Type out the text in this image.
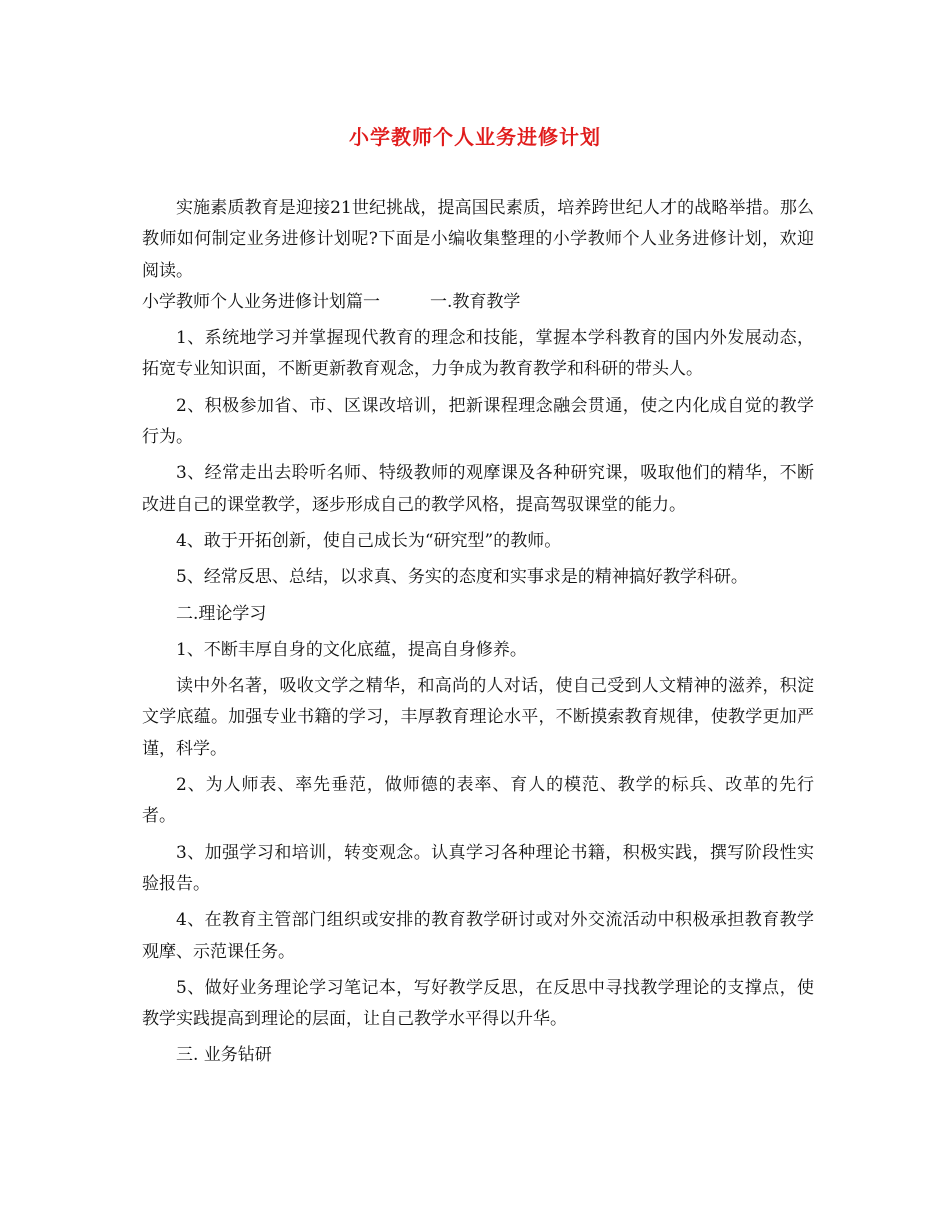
小学教师个人业务进修计划

实施素质教育是迎接21世纪挑战，提高国民素质，培养跨世纪人才的战略举措。那么教师如何制定业务进修计划呢?下面是小编收集整理的小学教师个人业务进修计划，欢迎阅读。

小学教师个人业务进修计划篇一	一.教育教学

1、系统地学习并掌握现代教育的理念和技能，掌握本学科教育的国内外发展动态，拓宽专业知识面，不断更新教育观念，力争成为教育教学和科研的带头人。

2、积极参加省、市、区课改培训，把新课程理念融会贯通，使之内化成自觉的教学行为。

3、经常走出去聆听名师、特级教师的观摩课及各种研究课，吸取他们的精华，不断改进自己的课堂教学，逐步形成自己的教学风格，提高驾驭课堂的能力。

4、敢于开拓创新，使自己成长为“研究型”的教师。

5、经常反思、总结，以求真、务实的态度和实事求是的精神搞好教学科研。

二.理论学习

1、不断丰厚自身的文化底蕴，提高自身修养。

读中外名著，吸收文学之精华，和高尚的人对话，使自己受到人文精神的滋养，积淀文学底蕴。加强专业书籍的学习，丰厚教育理论水平，不断摸索教育规律，使教学更加严谨，科学。

2、为人师表、率先垂范，做师德的表率、育人的模范、教学的标兵、改革的先行者。

3、加强学习和培训，转变观念。认真学习各种理论书籍，积极实践，撰写阶段性实验报告。

4、在教育主管部门组织或安排的教育教学研讨或对外交流活动中积极承担教育教学观摩、示范课任务。

5、做好业务理论学习笔记本，写好教学反思，在反思中寻找教学理论的支撑点，使教学实践提高到理论的层面，让自己教学水平得以升华。

三. 业务钻研
